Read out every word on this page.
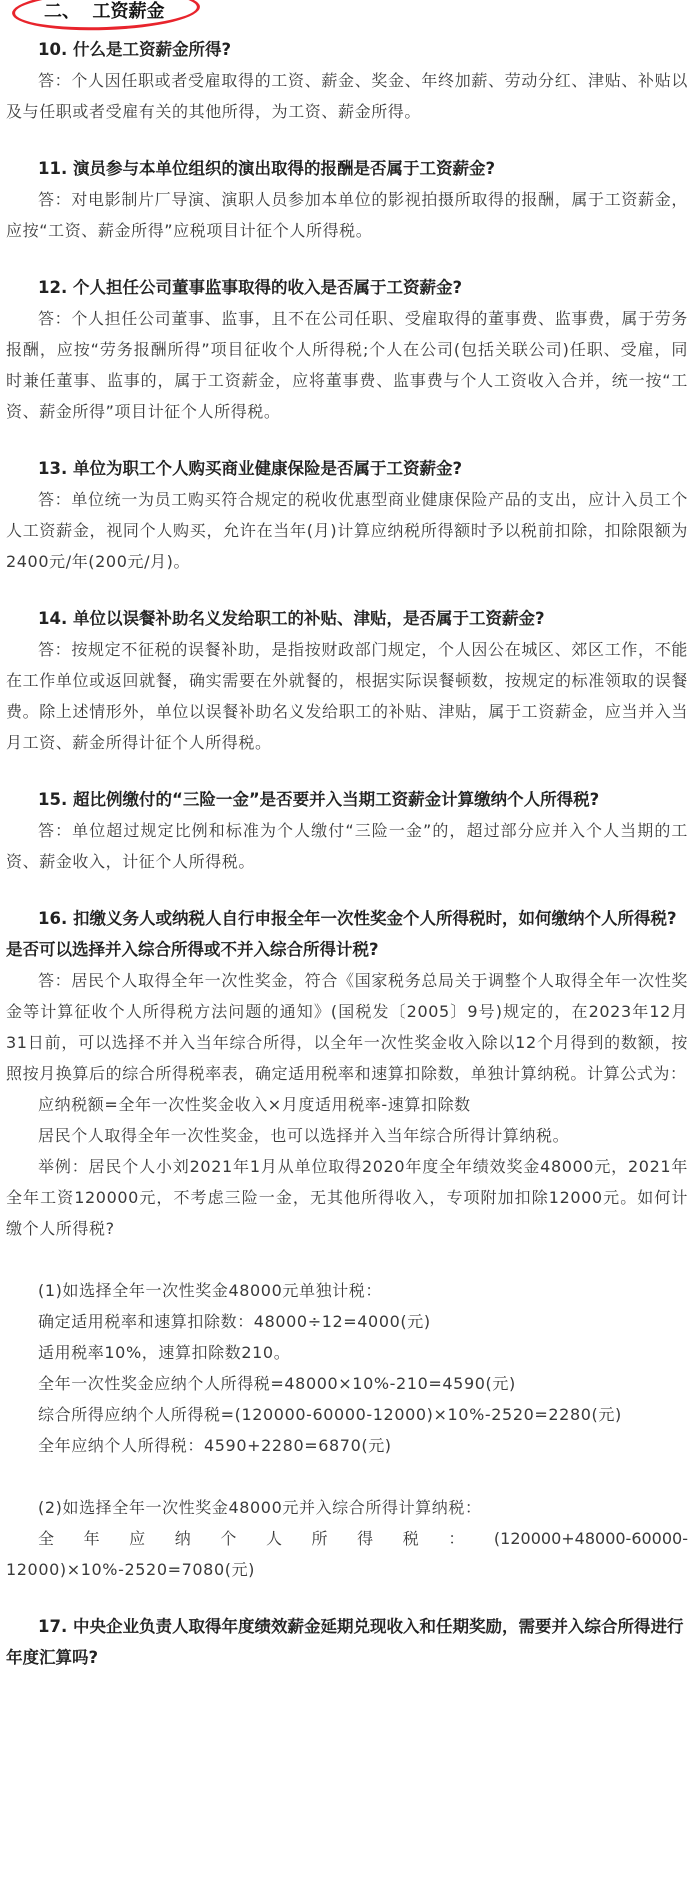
二、  工资薪金

10. 什么是工资薪金所得?

答：个人因任职或者受雇取得的工资、薪金、奖金、年终加薪、劳动分红、津贴、补贴以及与任职或者受雇有关的其他所得，为工资、薪金所得。

11. 演员参与本单位组织的演出取得的报酬是否属于工资薪金?

答：对电影制片厂导演、演职人员参加本单位的影视拍摄所取得的报酬，属于工资薪金，应按“工资、薪金所得”应税项目计征个人所得税。

12. 个人担任公司董事监事取得的收入是否属于工资薪金?

答：个人担任公司董事、监事，且不在公司任职、受雇取得的董事费、监事费，属于劳务报酬，应按“劳务报酬所得”项目征收个人所得税;个人在公司(包括关联公司)任职、受雇，同时兼任董事、监事的，属于工资薪金，应将董事费、监事费与个人工资收入合并，统一按“工资、薪金所得”项目计征个人所得税。

13. 单位为职工个人购买商业健康保险是否属于工资薪金?

答：单位统一为员工购买符合规定的税收优惠型商业健康保险产品的支出，应计入员工个人工资薪金，视同个人购买，允许在当年(月)计算应纳税所得额时予以税前扣除，扣除限额为2400元/年(200元/月)。

14. 单位以误餐补助名义发给职工的补贴、津贴，是否属于工资薪金?

答：按规定不征税的误餐补助，是指按财政部门规定，个人因公在城区、郊区工作，不能在工作单位或返回就餐，确实需要在外就餐的，根据实际误餐顿数，按规定的标准领取的误餐费。除上述情形外，单位以误餐补助名义发给职工的补贴、津贴，属于工资薪金，应当并入当月工资、薪金所得计征个人所得税。

15. 超比例缴付的“三险一金”是否要并入当期工资薪金计算缴纳个人所得税?

答：单位超过规定比例和标准为个人缴付“三险一金”的，超过部分应并入个人当期的工资、薪金收入，计征个人所得税。

16. 扣缴义务人或纳税人自行申报全年一次性奖金个人所得税时，如何缴纳个人所得税?是否可以选择并入综合所得或不并入综合所得计税?

答：居民个人取得全年一次性奖金，符合《国家税务总局关于调整个人取得全年一次性奖金等计算征收个人所得税方法问题的通知》(国税发〔2005〕9号)规定的，在2023年12月31日前，可以选择不并入当年综合所得，以全年一次性奖金收入除以12个月得到的数额，按照按月换算后的综合所得税率表，确定适用税率和速算扣除数，单独计算纳税。计算公式为：

应纳税额=全年一次性奖金收入×月度适用税率-速算扣除数

居民个人取得全年一次性奖金，也可以选择并入当年综合所得计算纳税。

举例：居民个人小刘2021年1月从单位取得2020年度全年绩效奖金48000元，2021年全年工资120000元，不考虑三险一金，无其他所得收入，专项附加扣除12000元。如何计缴个人所得税?

(1)如选择全年一次性奖金48000元单独计税：

确定适用税率和速算扣除数：48000÷12=4000(元)

适用税率10%，速算扣除数210。

全年一次性奖金应纳个人所得税=48000×10%-210=4590(元)

综合所得应纳个人所得税=(120000-60000-12000)×10%-2520=2280(元)

全年应纳个人所得税：4590+2280=6870(元)

(2)如选择全年一次性奖金48000元并入综合所得计算纳税：

全年应纳个人所得税：(120000+48000-60000-

12000)×10%-2520=7080(元)

17. 中央企业负责人取得年度绩效薪金延期兑现收入和任期奖励，需要并入综合所得进行年度汇算吗?
